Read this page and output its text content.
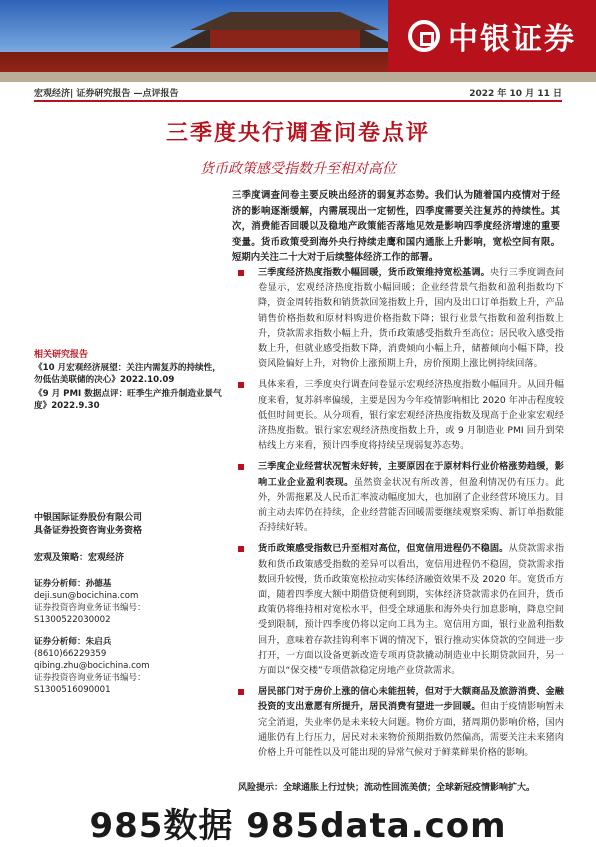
中银证券
宏观经济| 证券研究报告 —点评报告	2022 年 10 月 11 日
三季度央行调查问卷点评
货币政策感受指数升至相对高位
三季度调查问卷主要反映出经济的弱复苏态势。我们认为随着国内疫情对于经济的影响逐渐缓解，内需展现出一定韧性，四季度需要关注复苏的持续性。其次，消费能否回暖以及稳地产政策能否落地见效是影响四季度经济增速的重要变量。货币政策受到海外央行持续走鹰和国内通胀上升影响，宽松空间有限。短期内关注二十大对于后续整体经济工作的部署。
三季度经济热度指数小幅回暖，货币政策维持宽松基调。央行三季度调查问卷显示，宏观经济热度指数小幅回暖；企业经营景气指数和盈利指数均下降，资金周转指数和销货款回笼指数上升，国内及出口订单指数上升，产品销售价格指数和原材料购进价格指数下降；银行业景气指数和盈利指数上升，贷款需求指数小幅上升，货币政策感受指数升至高位；居民收入感受指数上升，但就业感受指数下降，消费倾向小幅上升，储蓄倾向小幅下降，投资风险偏好上升，对物价上涨预期上升，房价预期上涨比例持续回落。
具体来看，三季度央行调查问卷显示宏观经济热度指数小幅回升。从回升幅度来看，复苏斜率偏缓，主要是因为今年疫情影响相比 2020 年冲击程度较低但时间更长。从分项看，银行家宏观经济热度指数及现高于企业家宏观经济热度指数。银行家宏观经济热度指数上升，或 9 月制造业 PMI 回升到荣枯线上方来看，预计四季度将持续呈现弱复苏态势。
三季度企业经营状况暂未好转，主要原因在于原材料行业价格涨势趋缓，影响工业企业盈利表现。虽然资金状况有所改善，但盈利情况仍有压力。此外，外需拖累及人民币汇率波动幅度加大，也加剧了企业经营环境压力。目前主动去库仍在持续，企业经营能否回暖需要继续观察采购、新订单指数能否持续好转。
货币政策感受指数已升至相对高位，但宽信用进程仍不稳固。从贷款需求指数和货币政策感受指数的差异可以看出，宽信用进程仍不稳固，贷款需求指数回升较慢，货币政策宽松拉动实体经济融资效果不及 2020 年。宽货币方面，随着四季度大额中期借贷便利到期，实体经济贷款需求仍在回升，货币政策仍将维持相对宽松水平，但受全球通胀和海外央行加息影响，降息空间受到限制，预计四季度仍将以定向工具为主。宽信用方面，银行业盈利指数回升，意味着存款挂钩利率下调的情况下，银行推动实体贷款的空间进一步打开，一方面以设备更新改造专项再贷款撬动制造业中长期贷款回升，另一方面以“保交楼”专项借款稳定房地产业贷款需求。
居民部门对于房价上涨的信心未能扭转，但对于大额商品及旅游消费、金融投资的支出意愿有所提升，居民消费有望进一步回暖。但由于疫情影响暂未完全消退，失业率仍是未来较大问题。物价方面，猪周期仍影响价格，国内通胀仍有上行压力，居民对未来物价预期指数仍然偏高，需要关注未来猪肉价格上升可能性以及可能出现的异常气候对于鲜菜鲜果价格的影响。
风险提示：全球通胀上行过快；流动性回流美债；全球新冠疫情影响扩大。
相关研究报告
《10 月宏观经济展望：关注内需复苏的持续性，勿低估美联储的决心》2022.10.09
《9 月 PMI 数据点评：旺季生产推升制造业景气度》2022.9.30
中银国际证券股份有限公司
具备证券投资咨询业务资格
宏观及策略：宏观经济
证券分析师：孙德基
deji.sun@bocichina.com
证券投资咨询业务证书编号：S1300522030002
证券分析师：朱启兵
(8610)66229359
qibing.zhu@bocichina.com
证券投资咨询业务证书编号：S1300516090001
985数据 985data.com
